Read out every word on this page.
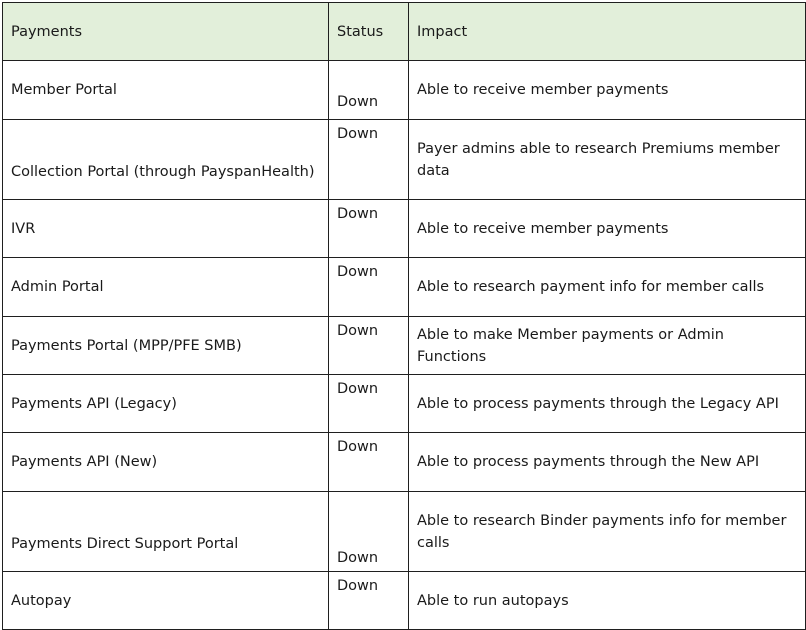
Payments	Status	Impact
Member Portal	Down	Able to receive member payments
Collection Portal (through PayspanHealth)	Down	Payer admins able to research Premiums member data
IVR	Down	Able to receive member payments
Admin Portal	Down	Able to research payment info for member calls
Payments Portal (MPP/PFE SMB)	Down	Able to make Member payments or Admin Functions
Payments API (Legacy)	Down	Able to process payments through the Legacy API
Payments API (New)	Down	Able to process payments through the New API
Payments Direct Support Portal	Down	Able to research Binder payments info for member calls
Autopay	Down	Able to run autopays
